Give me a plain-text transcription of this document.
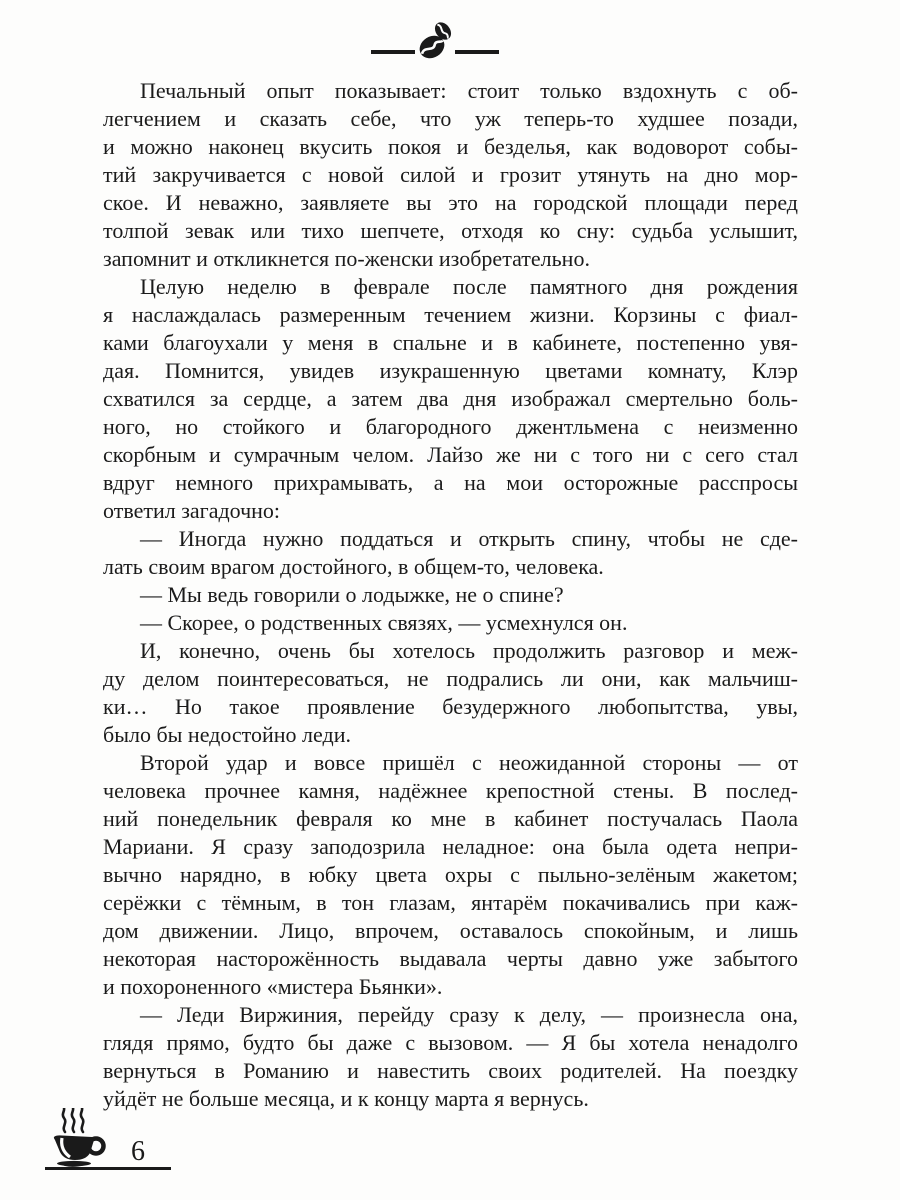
Печальный опыт показывает: стоит только вздохнуть с об-
легчением и сказать себе, что уж теперь-то худшее позади,
и можно наконец вкусить покоя и безделья, как водоворот собы-
тий закручивается с новой силой и грозит утянуть на дно мор-
ское. И неважно, заявляете вы это на городской площади перед
толпой зевак или тихо шепчете, отходя ко сну: судьба услышит,
запомнит и откликнется по-женски изобретательно.
Целую неделю в феврале после памятного дня рождения
я наслаждалась размеренным течением жизни. Корзины с фиал-
ками благоухали у меня в спальне и в кабинете, постепенно увя-
дая. Помнится, увидев изукрашенную цветами комнату, Клэр
схватился за сердце, а затем два дня изображал смертельно боль-
ного, но стойкого и благородного джентльмена с неизменно
скорбным и сумрачным челом. Лайзо же ни с того ни с сего стал
вдруг немного прихрамывать, а на мои осторожные расспросы
ответил загадочно:
— Иногда нужно поддаться и открыть спину, чтобы не сде-
лать своим врагом достойного, в общем-то, человека.
— Мы ведь говорили о лодыжке, не о спине?
— Скорее, о родственных связях, — усмехнулся он.
И, конечно, очень бы хотелось продолжить разговор и меж-
ду делом поинтересоваться, не подрались ли они, как мальчиш-
ки… Но такое проявление безудержного любопытства, увы,
было бы недостойно леди.
Второй удар и вовсе пришёл с неожиданной стороны — от
человека прочнее камня, надёжнее крепостной стены. В послед-
ний понедельник февраля ко мне в кабинет постучалась Паола
Мариани. Я сразу заподозрила неладное: она была одета непри-
вычно нарядно, в юбку цвета охры с пыльно-зелёным жакетом;
серёжки с тёмным, в тон глазам, янтарём покачивались при каж-
дом движении. Лицо, впрочем, оставалось спокойным, и лишь
некоторая насторожённость выдавала черты давно уже забытого
и похороненного «мистера Бьянки».
— Леди Виржиния, перейду сразу к делу, — произнесла она,
глядя прямо, будто бы даже с вызовом. — Я бы хотела ненадолго
вернуться в Романию и навестить своих родителей. На поездку
уйдёт не больше месяца, и к концу марта я вернусь.
6
